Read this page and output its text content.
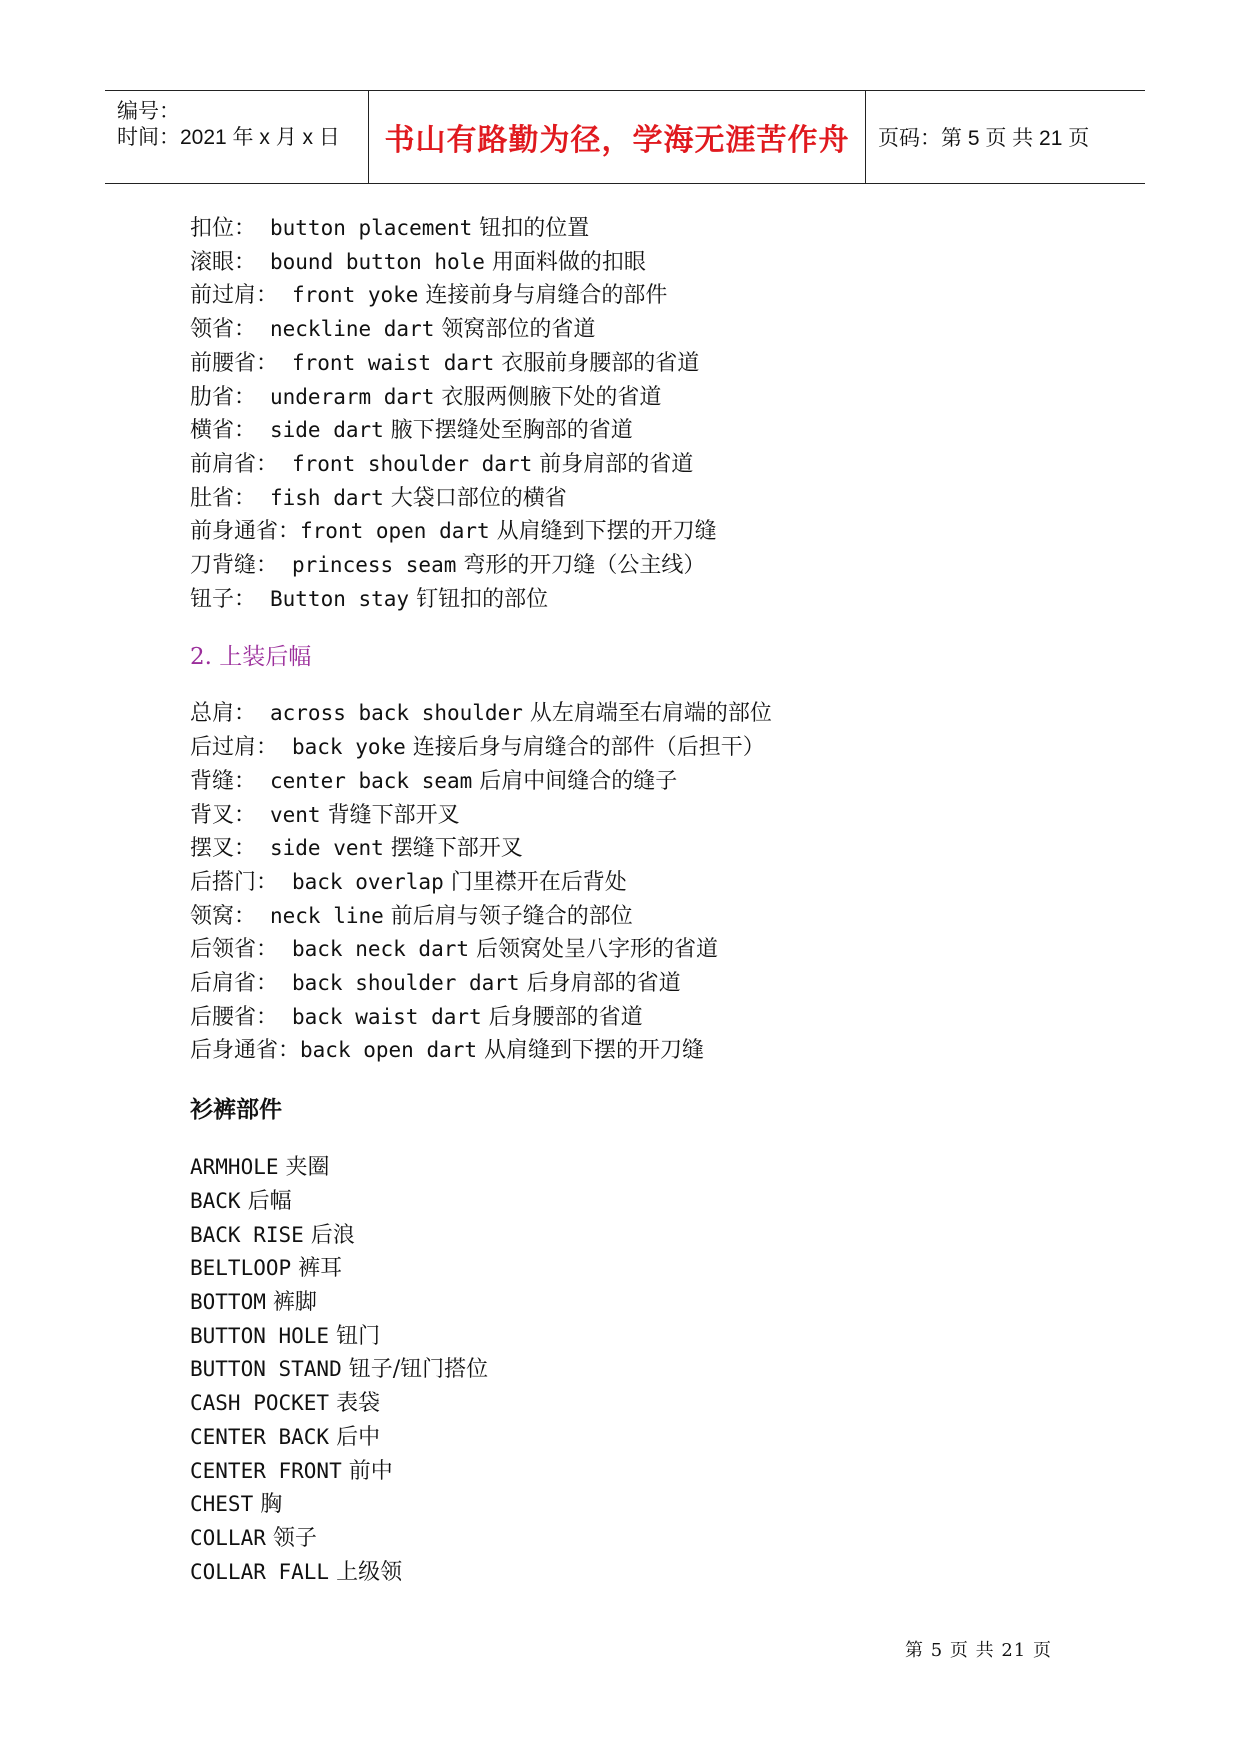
编号：
时间：2021 年 x 月 x 日 书山有路勤为径，学海无涯苦作舟 页码：第 5 页 共 21 页
扣位：  button placement 钮扣的位置
滚眼：  bound button hole 用面料做的扣眼
前过肩：  front yoke 连接前身与肩缝合的部件
领省：  neckline dart 领窝部位的省道
前腰省：  front waist dart 衣服前身腰部的省道
肋省：  underarm dart 衣服两侧腋下处的省道
横省：  side dart 腋下摆缝处至胸部的省道
前肩省：  front shoulder dart 前身肩部的省道
肚省：  fish dart 大袋口部位的横省
前身通省：front open dart 从肩缝到下摆的开刀缝
刀背缝：  princess seam 弯形的开刀缝（公主线）
钮子：  Button stay 钉钮扣的部位
2. 上装后幅
总肩：  across back shoulder 从左肩端至右肩端的部位
后过肩：  back yoke 连接后身与肩缝合的部件（后担干）
背缝：  center back seam 后肩中间缝合的缝子
背叉：  vent 背缝下部开叉
摆叉：  side vent 摆缝下部开叉
后搭门：  back overlap 门里襟开在后背处
领窝：  neck line 前后肩与领子缝合的部位
后领省：  back neck dart 后领窝处呈八字形的省道
后肩省：  back shoulder dart 后身肩部的省道
后腰省：  back waist dart 后身腰部的省道
后身通省：back open dart 从肩缝到下摆的开刀缝
衫裤部件
ARMHOLE 夹圈
BACK 后幅
BACK RISE 后浪
BELTLOOP 裤耳
BOTTOM 裤脚
BUTTON HOLE 钮门
BUTTON STAND 钮子/钮门搭位
CASH POCKET 表袋
CENTER BACK 后中
CENTER FRONT 前中
CHEST 胸
COLLAR 领子
COLLAR FALL 上级领
第 5 页 共 21 页
